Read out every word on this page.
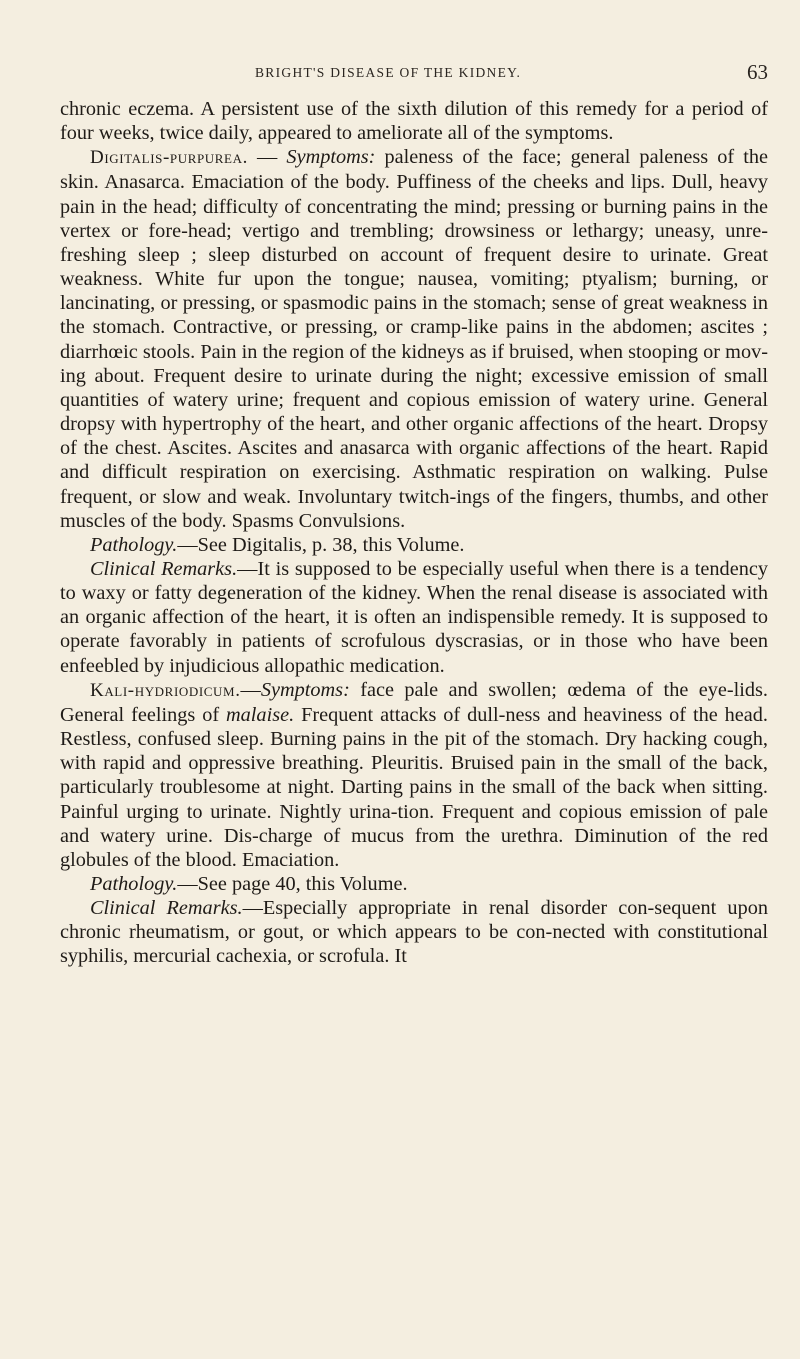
BRIGHT'S DISEASE OF THE KIDNEY.	63

chronic eczema. A persistent use of the sixth dilution of this remedy for a period of four weeks, twice daily, appeared to ameliorate all of the symptoms.

Digitalis-purpurea. — Symptoms: paleness of the face; general paleness of the skin. Anasarca. Emaciation of the body. Puffiness of the cheeks and lips. Dull, heavy pain in the head; difficulty of concentrating the mind; pressing or burning pains in the vertex or fore-head; vertigo and trembling; drowsiness or lethargy; uneasy, unre-freshing sleep ; sleep disturbed on account of frequent desire to urinate. Great weakness. White fur upon the tongue; nausea, vomiting; ptyalism; burning, or lancinating, or pressing, or spasmodic pains in the stomach; sense of great weakness in the stomach. Contractive, or pressing, or cramp-like pains in the abdomen; ascites ; diarrhœic stools. Pain in the region of the kidneys as if bruised, when stooping or mov-ing about. Frequent desire to urinate during the night; excessive emission of small quantities of watery urine; frequent and copious emission of watery urine. General dropsy with hypertrophy of the heart, and other organic affections of the heart. Dropsy of the chest. Ascites. Ascites and anasarca with organic affections of the heart. Rapid and difficult respiration on exercising. Asthmatic respiration on walking. Pulse frequent, or slow and weak. Involuntary twitch-ings of the fingers, thumbs, and other muscles of the body. Spasms Convulsions.

Pathology.—See Digitalis, p. 38, this Volume.

Clinical Remarks.—It is supposed to be especially useful when there is a tendency to waxy or fatty degeneration of the kidney. When the renal disease is associated with an organic affection of the heart, it is often an indispensible remedy. It is supposed to operate favorably in patients of scrofulous dyscrasias, or in those who have been enfeebled by injudicious allopathic medication.

Kali-hydriodicum.—Symptoms: face pale and swollen; œdema of the eye-lids. General feelings of malaise. Frequent attacks of dull-ness and heaviness of the head. Restless, confused sleep. Burning pains in the pit of the stomach. Dry hacking cough, with rapid and oppressive breathing. Pleuritis. Bruised pain in the small of the back, particularly troublesome at night. Darting pains in the small of the back when sitting. Painful urging to urinate. Nightly urina-tion. Frequent and copious emission of pale and watery urine. Dis-charge of mucus from the urethra. Diminution of the red globules of the blood. Emaciation.

Pathology.—See page 40, this Volume.

Clinical Remarks.—Especially appropriate in renal disorder con-sequent upon chronic rheumatism, or gout, or which appears to be con-nected with constitutional syphilis, mercurial cachexia, or scrofula. It
